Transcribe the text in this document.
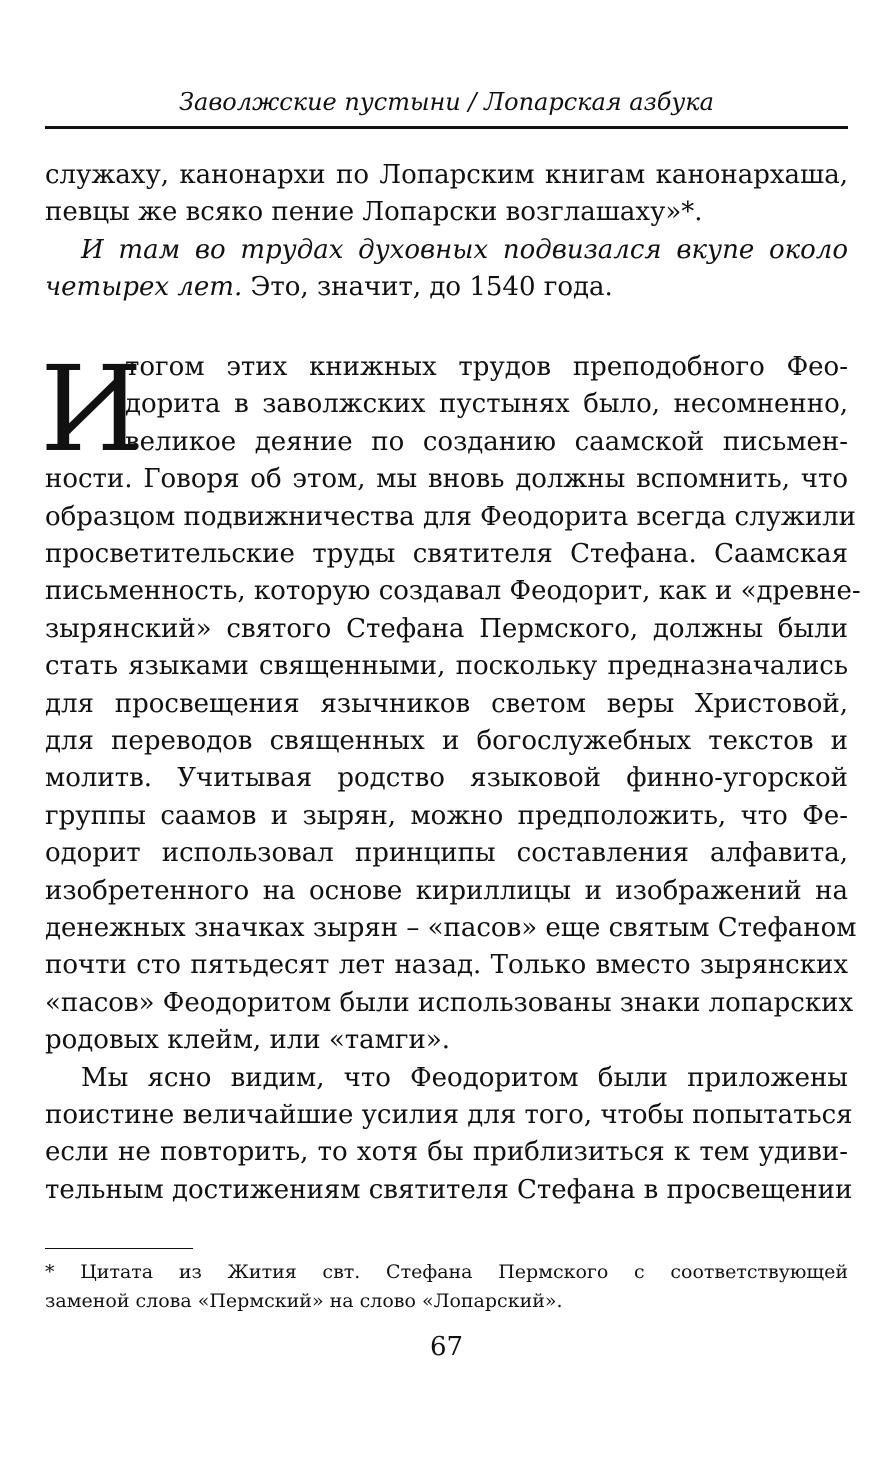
Заволжские пустыни / Лопарская азбука
служаху, канонархи по Лопарским книгам канонархаша,
певцы же всяко пение Лопарски возглашаху»*.
И там во трудах духовных подвизался вкупе около
четырех лет. Это, значит, до 1540 года.
И
тогом этих книжных трудов преподобного Фео-
дорита в заволжских пустынях было, несомненно,
великое деяние по созданию саамской письмен-
ности. Говоря об этом, мы вновь должны вспомнить, что
образцом подвижничества для Феодорита всегда служили
просветительские труды святителя Стефана. Саамская
письменность, которую создавал Феодорит, как и «древне-
зырянский» святого Стефана Пермского, должны были
стать языками священными, поскольку предназначались
для просвещения язычников светом веры Христовой,
для переводов священных и богослужебных текстов и
молитв. Учитывая родство языковой финно-угорской
группы саамов и зырян, можно предположить, что Фе-
одорит использовал принципы составления алфавита,
изобретенного на основе кириллицы и изображений на
денежных значках зырян – «пасов» еще святым Стефаном
почти сто пятьдесят лет назад. Только вместо зырянских
«пасов» Феодоритом были использованы знаки лопарских
родовых клейм, или «тамги».
Мы ясно видим, что Феодоритом были приложены
поистине величайшие усилия для того, чтобы попытаться
если не повторить, то хотя бы приблизиться к тем удиви-
тельным достижениям святителя Стефана в просвещении
* Цитата из Жития свт. Стефана Пермского с соответствующей
заменой слова «Пермский» на слово «Лопарский».
67
